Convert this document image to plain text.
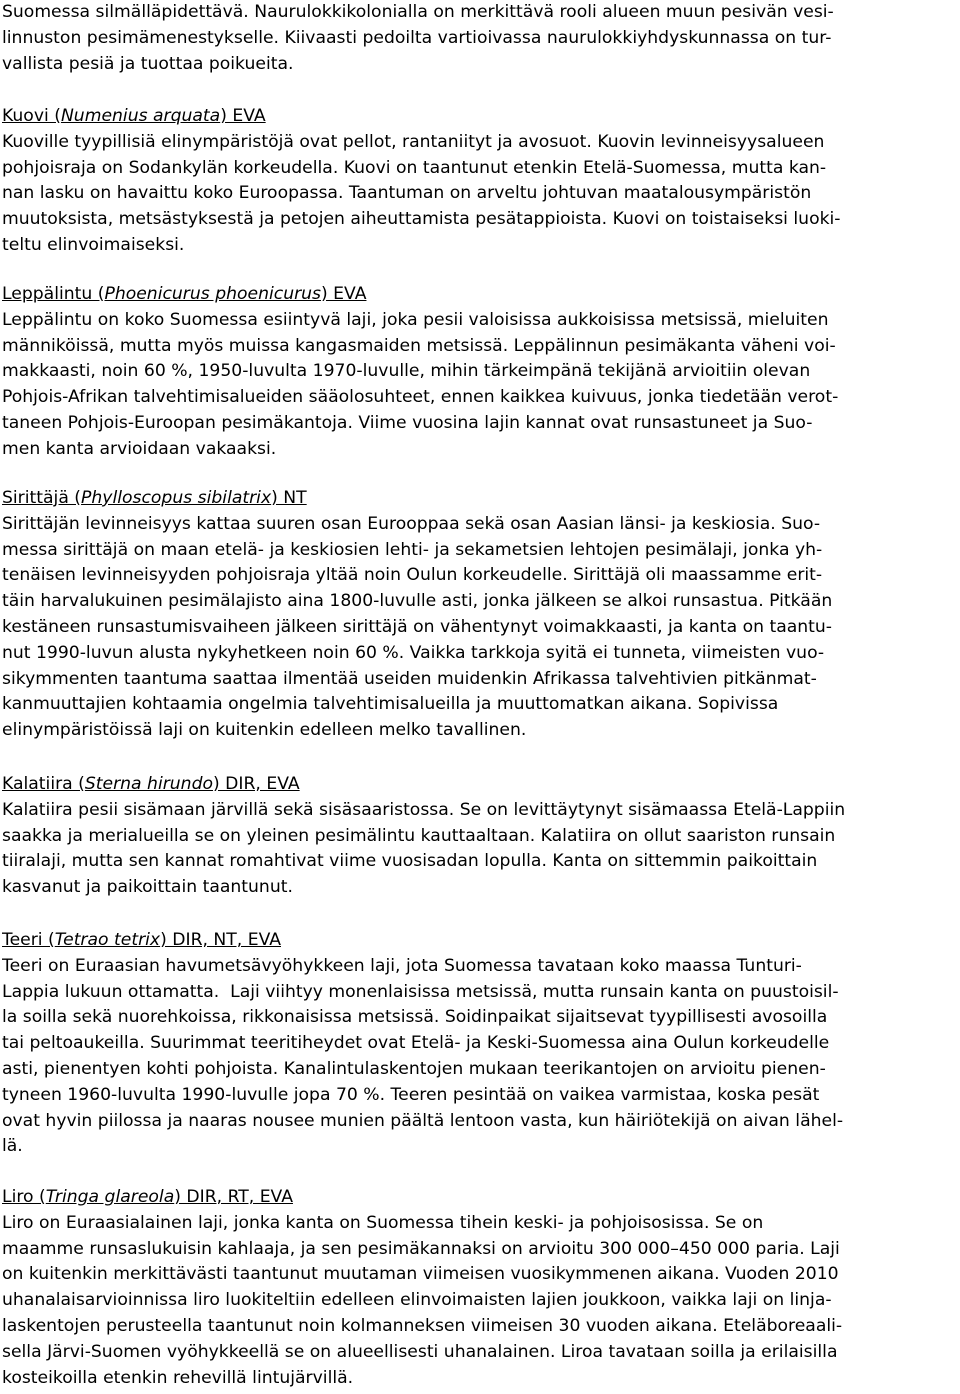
Suomessa silmälläpidettävä. Naurulokkikolonialla on merkittävä rooli alueen muun pesivän vesi-
linnuston pesimämenestykselle. Kiivaasti pedoilta vartioivassa naurulokkiyhdyskunnassa on tur-
vallista pesiä ja tuottaa poikueita.
Kuovi (Numenius arquata) EVA
Kuoville tyypillisiä elinympäristöjä ovat pellot, rantaniityt ja avosuot. Kuovin levinneisyysalueen
pohjoisraja on Sodankylän korkeudella. Kuovi on taantunut etenkin Etelä-Suomessa, mutta kan-
nan lasku on havaittu koko Euroopassa. Taantuman on arveltu johtuvan maatalousympäristön
muutoksista, metsästyksestä ja petojen aiheuttamista pesätappioista. Kuovi on toistaiseksi luoki-
teltu elinvoimaiseksi.
Leppälintu (Phoenicurus phoenicurus) EVA
Leppälintu on koko Suomessa esiintyvä laji, joka pesii valoisissa aukkoisissa metsissä, mieluiten
männiköissä, mutta myös muissa kangasmaiden metsissä. Leppälinnun pesimäkanta väheni voi-
makkaasti, noin 60 %, 1950-luvulta 1970-luvulle, mihin tärkeimpänä tekijänä arvioitiin olevan
Pohjois-Afrikan talvehtimisalueiden sääolosuhteet, ennen kaikkea kuivuus, jonka tiedetään verot-
taneen Pohjois-Euroopan pesimäkantoja. Viime vuosina lajin kannat ovat runsastuneet ja Suo-
men kanta arvioidaan vakaaksi.
Sirittäjä (Phylloscopus sibilatrix) NT
Sirittäjän levinneisyys kattaa suuren osan Eurooppaa sekä osan Aasian länsi- ja keskiosia. Suo-
messa sirittäjä on maan etelä- ja keskiosien lehti- ja sekametsien lehtojen pesimälaji, jonka yh-
tenäisen levinneisyyden pohjoisraja yltää noin Oulun korkeudelle. Sirittäjä oli maassamme erit-
täin harvalukuinen pesimälajisto aina 1800-luvulle asti, jonka jälkeen se alkoi runsastua. Pitkään
kestäneen runsastumisvaiheen jälkeen sirittäjä on vähentynyt voimakkaasti, ja kanta on taantu-
nut 1990-luvun alusta nykyhetkeen noin 60 %. Vaikka tarkkoja syitä ei tunneta, viimeisten vuo-
sikymmenten taantuma saattaa ilmentää useiden muidenkin Afrikassa talvehtivien pitkänmat-
kanmuuttajien kohtaamia ongelmia talvehtimisalueilla ja muuttomatkan aikana. Sopivissa
elinympäristöissä laji on kuitenkin edelleen melko tavallinen.
Kalatiira (Sterna hirundo) DIR, EVA
Kalatiira pesii sisämaan järvillä sekä sisäsaaristossa. Se on levittäytynyt sisämaassa Etelä-Lappiin
saakka ja merialueilla se on yleinen pesimälintu kauttaaltaan. Kalatiira on ollut saariston runsain
tiiralaji, mutta sen kannat romahtivat viime vuosisadan lopulla. Kanta on sittemmin paikoittain
kasvanut ja paikoittain taantunut.
Teeri (Tetrao tetrix) DIR, NT, EVA
Teeri on Euraasian havumetsävyöhykkeen laji, jota Suomessa tavataan koko maassa Tunturi-
Lappia lukuun ottamatta.  Laji viihtyy monenlaisissa metsissä, mutta runsain kanta on puustoisil-
la soilla sekä nuorehkoissa, rikkonaisissa metsissä. Soidinpaikat sijaitsevat tyypillisesti avosoilla
tai peltoaukeilla. Suurimmat teeritiheydet ovat Etelä- ja Keski-Suomessa aina Oulun korkeudelle
asti, pienentyen kohti pohjoista. Kanalintulaskentojen mukaan teerikantojen on arvioitu pienen-
tyneen 1960-luvulta 1990-luvulle jopa 70 %. Teeren pesintää on vaikea varmistaa, koska pesät
ovat hyvin piilossa ja naaras nousee munien päältä lentoon vasta, kun häiriötekijä on aivan lähel-
lä.
Liro (Tringa glareola) DIR, RT, EVA
Liro on Euraasialainen laji, jonka kanta on Suomessa tihein keski- ja pohjoisosissa. Se on
maamme runsaslukuisin kahlaaja, ja sen pesimäkannaksi on arvioitu 300 000–450 000 paria. Laji
on kuitenkin merkittävästi taantunut muutaman viimeisen vuosikymmenen aikana. Vuoden 2010
uhanalaisarvioinnissa liro luokiteltiin edelleen elinvoimaisten lajien joukkoon, vaikka laji on linja-
laskentojen perusteella taantunut noin kolmanneksen viimeisen 30 vuoden aikana. Eteläboreaali-
sella Järvi-Suomen vyöhykkeellä se on alueellisesti uhanalainen. Liroa tavataan soilla ja erilaisilla
kosteikoilla etenkin rehevillä lintujärvillä.
